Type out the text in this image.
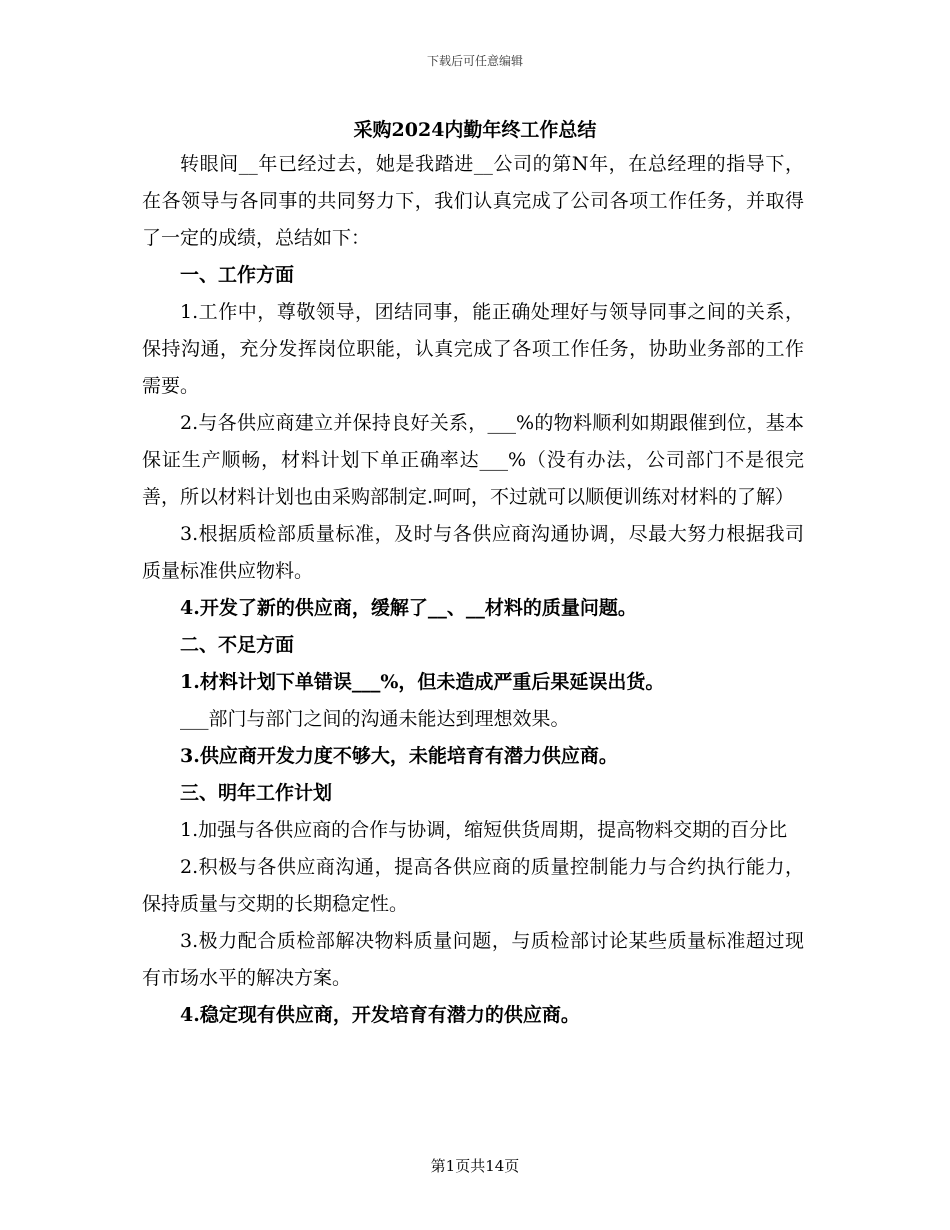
下载后可任意编辑
采购2024内勤年终工作总结

转眼间__年已经过去，她是我踏进__公司的第N年，在总经理的指导下，在各领导与各同事的共同努力下，我们认真完成了公司各项工作任务，并取得了一定的成绩，总结如下：

一、工作方面

1.工作中，尊敬领导，团结同事，能正确处理好与领导同事之间的关系，保持沟通，充分发挥岗位职能，认真完成了各项工作任务，协助业务部的工作需要。

2.与各供应商建立并保持良好关系，___%的物料顺利如期跟催到位，基本保证生产顺畅，材料计划下单正确率达___%（没有办法，公司部门不是很完善，所以材料计划也由采购部制定.呵呵，不过就可以顺便训练对材料的了解）

3.根据质检部质量标准，及时与各供应商沟通协调，尽最大努力根据我司质量标准供应物料。

4.开发了新的供应商，缓解了__、__材料的质量问题。

二、不足方面

1.材料计划下单错误___%，但未造成严重后果延误出货。

___部门与部门之间的沟通未能达到理想效果。

3.供应商开发力度不够大，未能培育有潜力供应商。

三、明年工作计划

1.加强与各供应商的合作与协调，缩短供货周期，提高物料交期的百分比

2.积极与各供应商沟通，提高各供应商的质量控制能力与合约执行能力，保持质量与交期的长期稳定性。

3.极力配合质检部解决物料质量问题，与质检部讨论某些质量标准超过现有市场水平的解决方案。

4.稳定现有供应商，开发培育有潜力的供应商。

第1页共14页
